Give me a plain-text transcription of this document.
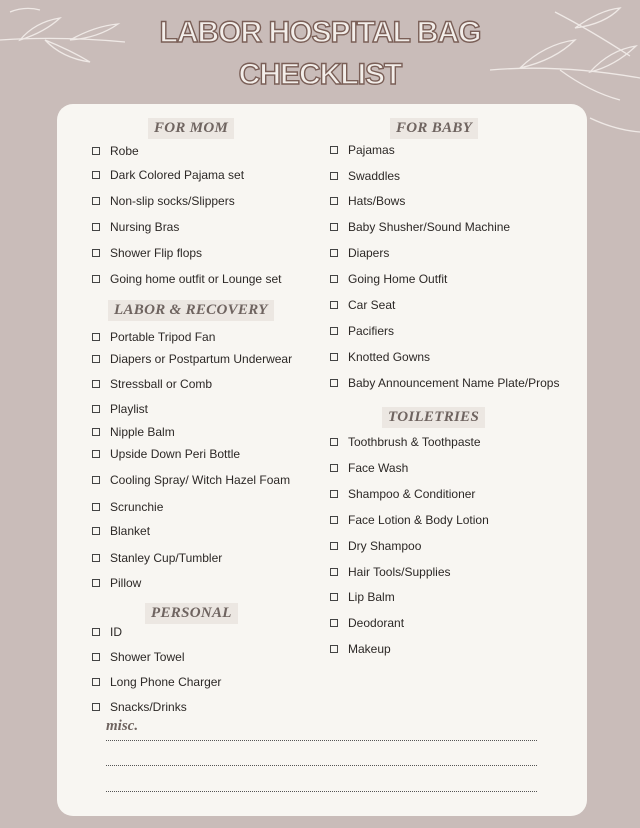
LABOR HOSPITAL BAG
CHECKLIST
FOR MOM
Robe
Dark Colored Pajama set
Non-slip socks/Slippers
Nursing Bras
Shower Flip flops
Going home outfit or Lounge set
LABOR & RECOVERY
Portable Tripod Fan
Diapers or Postpartum Underwear
Stressball or Comb
Playlist
Nipple Balm
Upside Down Peri Bottle
Cooling Spray/ Witch Hazel Foam
Scrunchie
Blanket
Stanley Cup/Tumbler
Pillow
PERSONAL
ID
Shower Towel
Long Phone Charger
Snacks/Drinks
FOR BABY
Pajamas
Swaddles
Hats/Bows
Baby Shusher/Sound Machine
Diapers
Going Home Outfit
Car Seat
Pacifiers
Knotted Gowns
Baby Announcement Name Plate/Props
TOILETRIES
Toothbrush & Toothpaste
Face Wash
Shampoo & Conditioner
Face Lotion & Body Lotion
Dry Shampoo
Hair Tools/Supplies
Lip Balm
Deodorant
Makeup
misc.
